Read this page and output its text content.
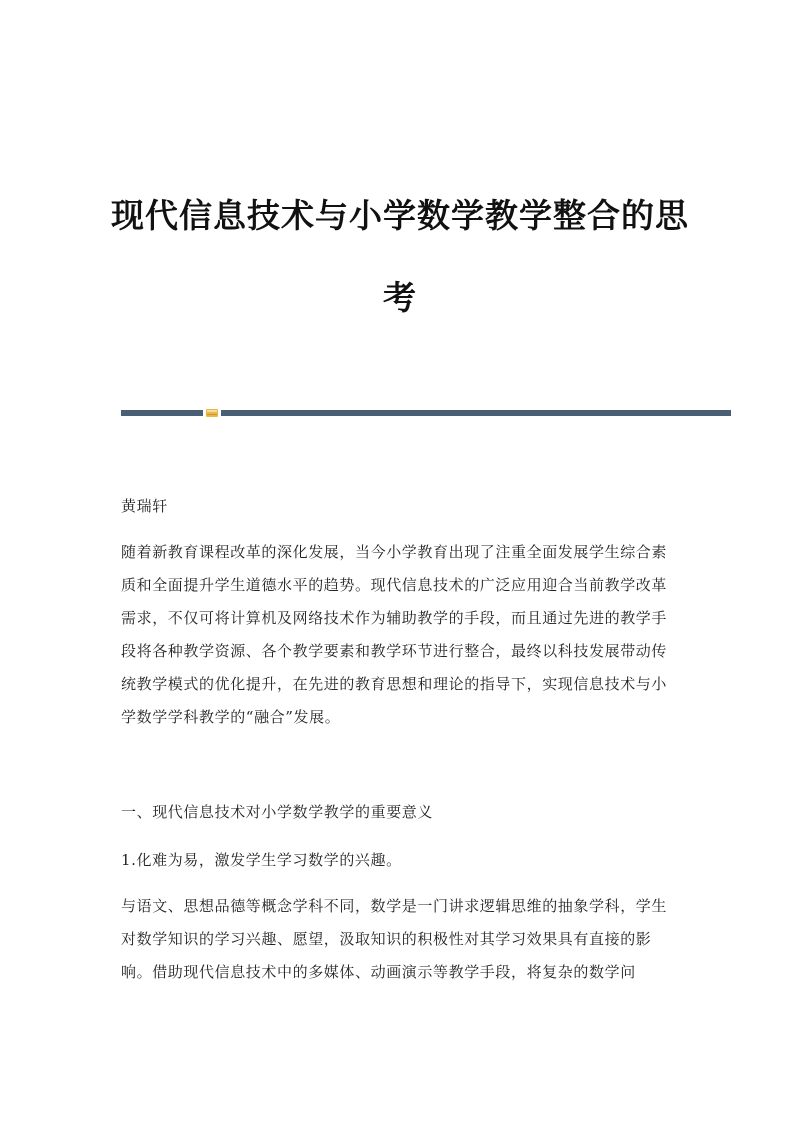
现代信息技术与小学数学教学整合的思
考

黄瑞轩

随着新教育课程改革的深化发展，当今小学教育出现了注重全面发展学生综合素质和全面提升学生道德水平的趋势。现代信息技术的广泛应用迎合当前教学改革需求，不仅可将计算机及网络技术作为辅助教学的手段，而且通过先进的教学手段将各种教学资源、各个教学要素和教学环节进行整合，最终以科技发展带动传统教学模式的优化提升，在先进的教育思想和理论的指导下，实现信息技术与小学数学学科教学的“融合”发展。

一、现代信息技术对小学数学教学的重要意义

1.化难为易，激发学生学习数学的兴趣。

与语文、思想品德等概念学科不同，数学是一门讲求逻辑思维的抽象学科，学生对数学知识的学习兴趣、愿望，汲取知识的积极性对其学习效果具有直接的影响。借助现代信息技术中的多媒体、动画演示等教学手段，将复杂的数学问
